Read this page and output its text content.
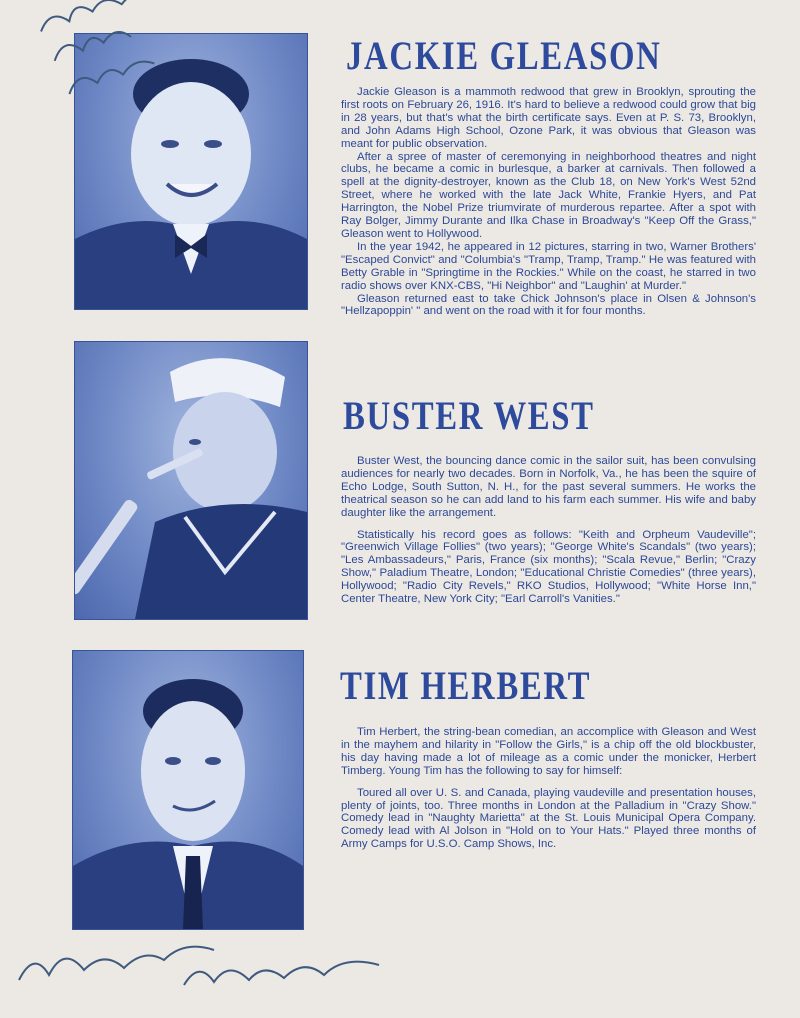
JACKIE GLEASON

Jackie Gleason is a mammoth redwood that grew in Brooklyn, sprouting the first roots on February 26, 1916. It's hard to believe a redwood could grow that big in 28 years, but that's what the birth certificate says. Even at P. S. 73, Brooklyn, and John Adams High School, Ozone Park, it was obvious that Gleason was meant for public observation.

After a spree of master of ceremonying in neighborhood theatres and night clubs, he became a comic in burlesque, a barker at carnivals. Then followed a spell at the dignity-destroyer, known as the Club 18, on New York's West 52nd Street, where he worked with the late Jack White, Frankie Hyers, and Pat Harrington, the Nobel Prize triumvirate of murderous repartee. After a spot with Ray Bolger, Jimmy Durante and Ilka Chase in Broadway's "Keep Off the Grass," Gleason went to Hollywood.

In the year 1942, he appeared in 12 pictures, starring in two, Warner Brothers' "Escaped Convict" and "Columbia's "Tramp, Tramp, Tramp." He was featured with Betty Grable in "Springtime in the Rockies." While on the coast, he starred in two radio shows over KNX-CBS, "Hi Neighbor" and "Laughin' at Murder."

Gleason returned east to take Chick Johnson's place in Olsen & Johnson's "Hellzapoppin' " and went on the road with it for four months.

BUSTER WEST

Buster West, the bouncing dance comic in the sailor suit, has been convulsing audiences for nearly two decades. Born in Norfolk, Va., he has been the squire of Echo Lodge, South Sutton, N. H., for the past several summers. He works the theatrical season so he can add land to his farm each summer. His wife and baby daughter like the arrangement.

Statistically his record goes as follows: "Keith and Orpheum Vaudeville"; "Greenwich Village Follies" (two years); "George White's Scandals" (two years); "Les Ambassadeurs," Paris, France (six months); "Scala Revue," Berlin; "Crazy Show," Paladium Theatre, London; "Educational Christie Comedies" (three years), Hollywood; "Radio City Revels," RKO Studios, Hollywood; "White Horse Inn," Center Theatre, New York City; "Earl Carroll's Vanities."

TIM HERBERT

Tim Herbert, the string-bean comedian, an accomplice with Gleason and West in the mayhem and hilarity in "Follow the Girls," is a chip off the old blockbuster, his day having made a lot of mileage as a comic under the monicker, Herbert Timberg. Young Tim has the following to say for himself:

Toured all over U. S. and Canada, playing vaudeville and presentation houses, plenty of joints, too. Three months in London at the Palladium in "Crazy Show." Comedy lead in "Naughty Marietta" at the St. Louis Municipal Opera Company. Comedy lead with Al Jolson in "Hold on to Your Hats." Played three months of Army Camps for U.S.O. Camp Shows, Inc.
